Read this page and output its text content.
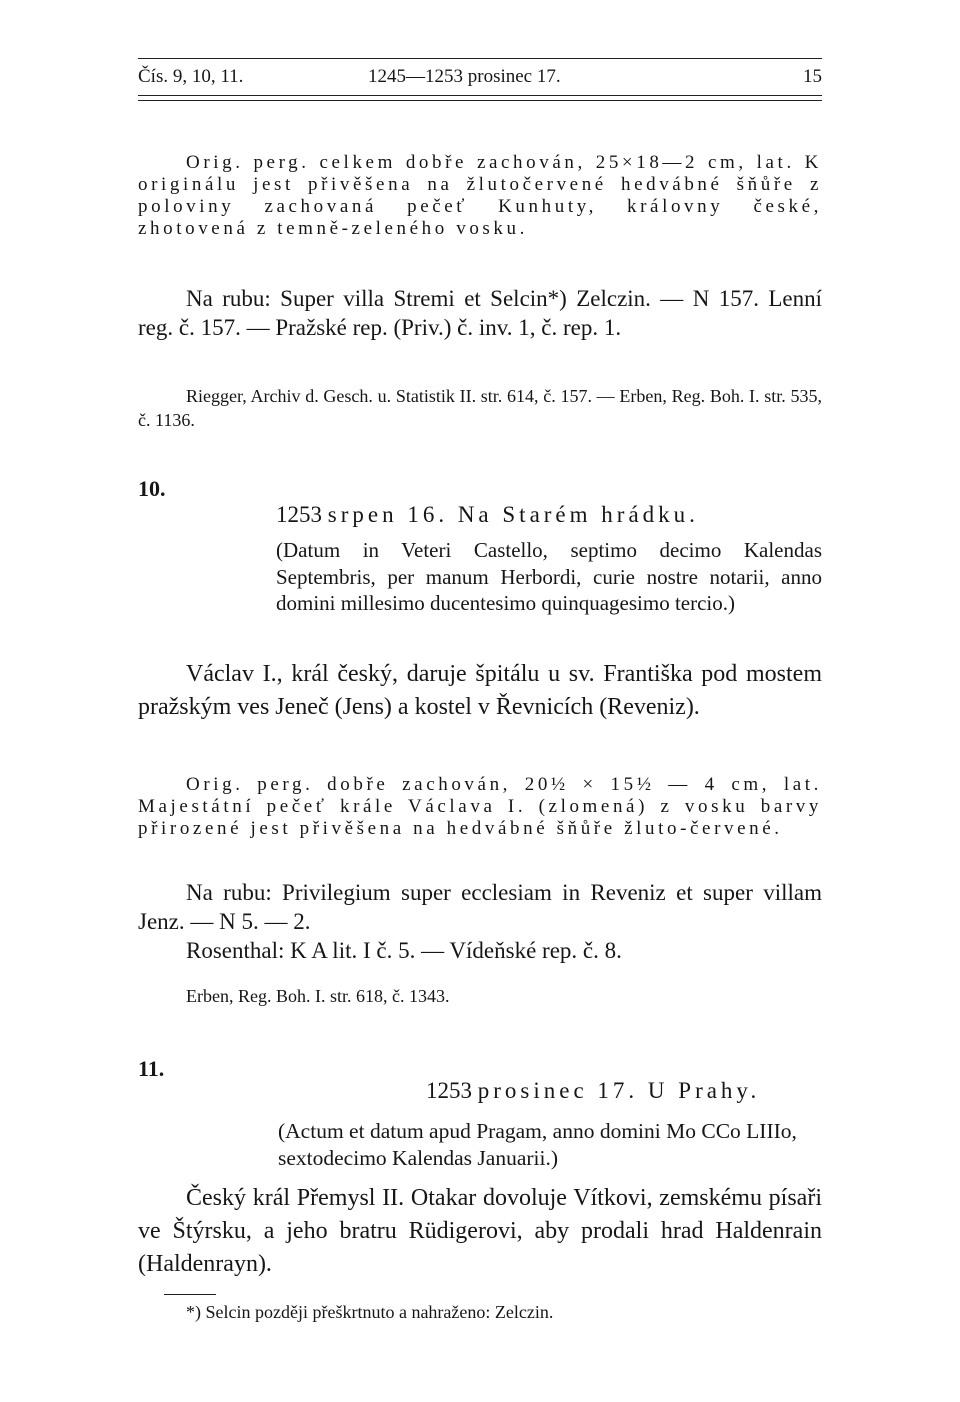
Čís. 9, 10, 11.	1245—1253 prosinec 17.	15
Orig. perg. celkem dobře zachován, 25×18—2 cm, lat. K originálu jest přivěšena na žlutočervené hedvábné šňůře z poloviny zachovaná pečeť Kunhuty, královny české, zhotovená z temně-zeleného vosku.
Na rubu: Super villa Stremi et Selcin*) Zelczin. — N 157. Lenní reg. č. 157. — Pražské rep. (Priv.) č. inv. 1, č. rep. 1.
Riegger, Archiv d. Gesch. u. Statistik II. str. 614, č. 157. — Erben, Reg. Boh. I. str. 535, č. 1136.
10.
1253 srpen 16. Na Starém hrádku.
(Datum in Veteri Castello, septimo decimo Kalendas Septembris, per manum Herbordi, curie nostre notarii, anno domini millesimo ducentesimo quinquagesimo tercio.)
Václav I., král český, daruje špitálu u sv. Františka pod mostem pražským ves Jeneč (Jens) a kostel v Řevnicích (Reveniz).
Orig. perg. dobře zachován, 20½ × 15½ — 4 cm, lat. Majestátní pečeť krále Václava I. (zlomená) z vosku barvy přirozené jest přivěšena na hedvábné šňůře žluto-červené.
Na rubu: Privilegium super ecclesiam in Reveniz et super villam Jenz. — N 5. — 2.
Rosenthal: K A lit. I č. 5. — Vídeňské rep. č. 8.
Erben, Reg. Boh. I. str. 618, č. 1343.
11.
1253 prosinec 17. U Prahy.
(Actum et datum apud Pragam, anno domini Mo CCo LIIIo, sextodecimo Kalendas Januarii.)
Český král Přemysl II. Otakar dovoluje Vítkovi, zemskému písaři ve Štýrsku, a jeho bratru Rüdigerovi, aby prodali hrad Haldenrain (Haldenrayn).
*) Selcin později přeškrtnuto a nahraženo: Zelczin.
